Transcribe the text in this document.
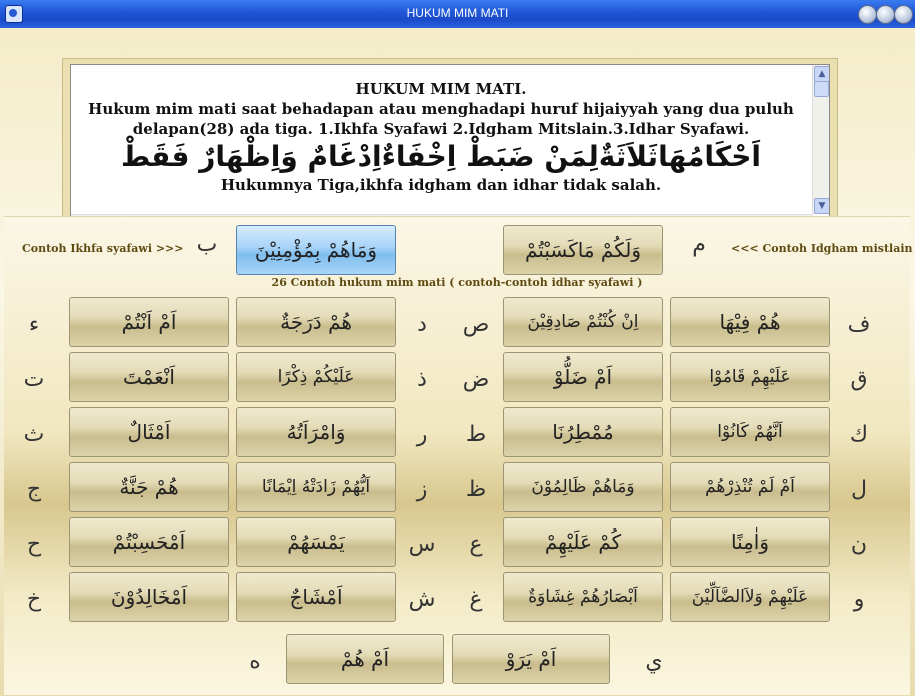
HUKUM MIM MATI
HUKUM MIM MATI.
Hukum mim mati saat behadapan atau menghadapi huruf hijaiyyah yang dua puluh
delapan(28) ada tiga. 1.Ikhfa Syafawi 2.Idgham Mitslain.3.Idhar Syafawi.
اَحْكَامُهَاثَلاَثَةٌلِمَنْ ضَبَطْ اِخْفَاءٌاِدْغَامٌ وَاِظْهَارٌ فَقَطْ
Hukumnya Tiga,ikhfa idgham dan idhar tidak salah.
▲
▼
Contoh Ikhfa syafawi >>> ب	وَمَاهُمْ بِمُؤْمِنِيْنَ	وَلَكُمْ مَاكَسَبْتُمْ	م	<<< Contoh Idgham mistlain
26 Contoh hukum mim mati ( contoh-contoh idhar syafawi )
ء	اَمْ اَنْتُمْ	هُمْ دَرَجَةٌ	د	ص	اِنْ كُنْتُمْ صَادِقِيْنَ	هُمْ فِيْهَا	ف
ت	اَنْعَمْتَ	عَلَيْكُمْ ذِكْرًا	ذ	ض	اَمْ ضَلُّوْ	عَلَيْهِمْ قَامُوْا	ق
ث	اَمْثَالٌ	وَامْرَاَتُهُ	ر	ط	مُمْطِرُنَا	اَنَّهُمْ كَانُوْا	ك
ج	هُمْ جَنَّةٌ	اَيُّهُمْ زَادَتْهُ اِيْمَانًا	ز	ظ	وَمَاهُمْ ظَالِمُوْنَ	اَمْ لَمْ تُنْذِرْهُمْ	ل
ح	اَمْحَسِبْتُمْ	يَمْسَهُمْ	س	ع	كُمْ عَلَيْهِمْ	وَاٰمِنًا	ن
خ	اَمْخَالِدُوْنَ	اَمْشَاجٌ	ش	غ	اَبْصَارُهُمْ غِشَاوَةٌ	عَلَيْهِمْ وَلاَالضَّآلِّيْنَ	و
ه	اَمْ هُمْ	اَمْ يَرَوْ	ي
